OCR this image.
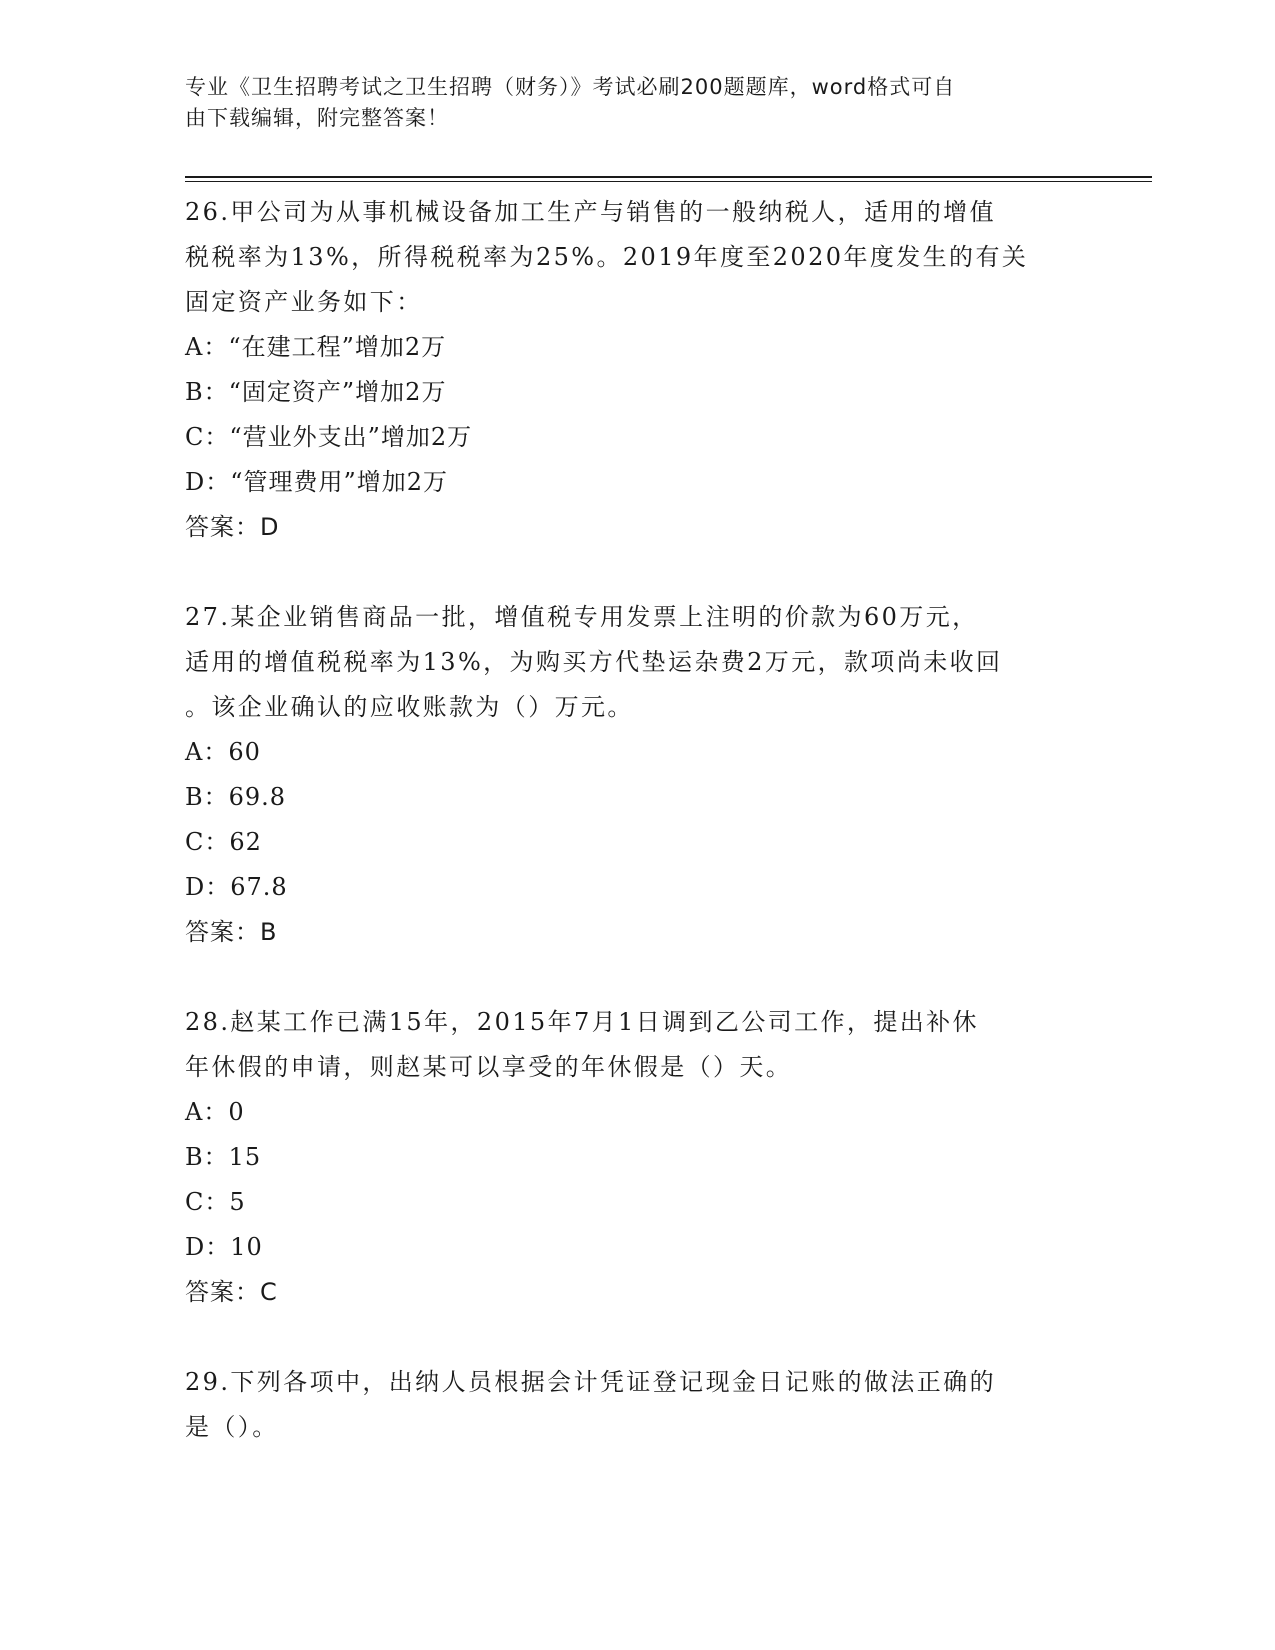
专业《卫生招聘考试之卫生招聘（财务）》考试必刷200题题库，word格式可自
由下载编辑，附完整答案！
26.甲公司为从事机械设备加工生产与销售的一般纳税人，适用的增值
税税率为13%，所得税税率为25%。2019年度至2020年度发生的有关
固定资产业务如下：
A：“在建工程”增加2万
B：“固定资产”增加2万
C：“营业外支出”增加2万
D：“管理费用”增加2万
答案：D
27.某企业销售商品一批，增值税专用发票上注明的价款为60万元，
适用的增值税税率为13%，为购买方代垫运杂费2万元，款项尚未收回
。该企业确认的应收账款为（）万元。
A：60
B：69.8
C：62
D：67.8
答案：B
28.赵某工作已满15年，2015年7月1日调到乙公司工作，提出补休
年休假的申请，则赵某可以享受的年休假是（）天。
A：0
B：15
C：5
D：10
答案：C
29.下列各项中，出纳人员根据会计凭证登记现金日记账的做法正确的
是（）。
